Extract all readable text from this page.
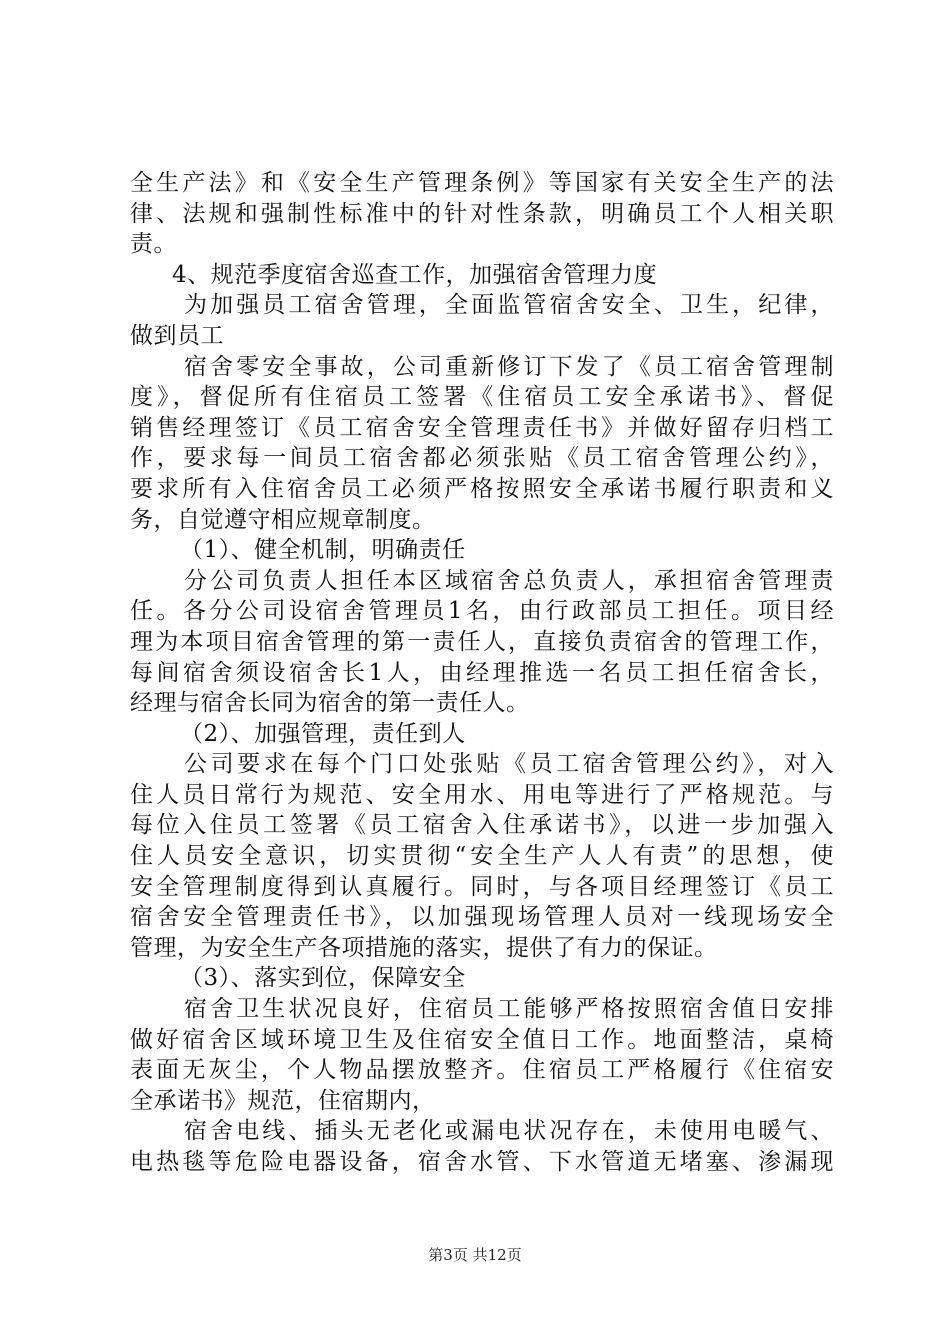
全生产法》和《安全生产管理条例》等国家有关安全生产的法
律、法规和强制性标准中的针对性条款，明确员工个人相关职
责。
4、规范季度宿舍巡查工作，加强宿舍管理力度
为加强员工宿舍管理，全面监管宿舍安全、卫生，纪律，
做到员工
宿舍零安全事故，公司重新修订下发了《员工宿舍管理制
度》，督促所有住宿员工签署《住宿员工安全承诺书》、督促
销售经理签订《员工宿舍安全管理责任书》并做好留存归档工
作，要求每一间员工宿舍都必须张贴《员工宿舍管理公约》，
要求所有入住宿舍员工必须严格按照安全承诺书履行职责和义
务，自觉遵守相应规章制度。
（1）、健全机制，明确责任
分公司负责人担任本区域宿舍总负责人，承担宿舍管理责
任。各分公司设宿舍管理员1名，由行政部员工担任。项目经
理为本项目宿舍管理的第一责任人，直接负责宿舍的管理工作，
每间宿舍须设宿舍长1人，由经理推选一名员工担任宿舍长，
经理与宿舍长同为宿舍的第一责任人。
（2）、加强管理，责任到人
公司要求在每个门口处张贴《员工宿舍管理公约》，对入
住人员日常行为规范、安全用水、用电等进行了严格规范。与
每位入住员工签署《员工宿舍入住承诺书》，以进一步加强入
住人员安全意识，切实贯彻“安全生产人人有责”的思想，使
安全管理制度得到认真履行。同时，与各项目经理签订《员工
宿舍安全管理责任书》，以加强现场管理人员对一线现场安全
管理，为安全生产各项措施的落实，提供了有力的保证。
（3）、落实到位，保障安全
宿舍卫生状况良好，住宿员工能够严格按照宿舍值日安排
做好宿舍区域环境卫生及住宿安全值日工作。地面整洁，桌椅
表面无灰尘，个人物品摆放整齐。住宿员工严格履行《住宿安
全承诺书》规范，住宿期内，
宿舍电线、插头无老化或漏电状况存在，未使用电暖气、
电热毯等危险电器设备，宿舍水管、下水管道无堵塞、渗漏现
第3页 共12页
